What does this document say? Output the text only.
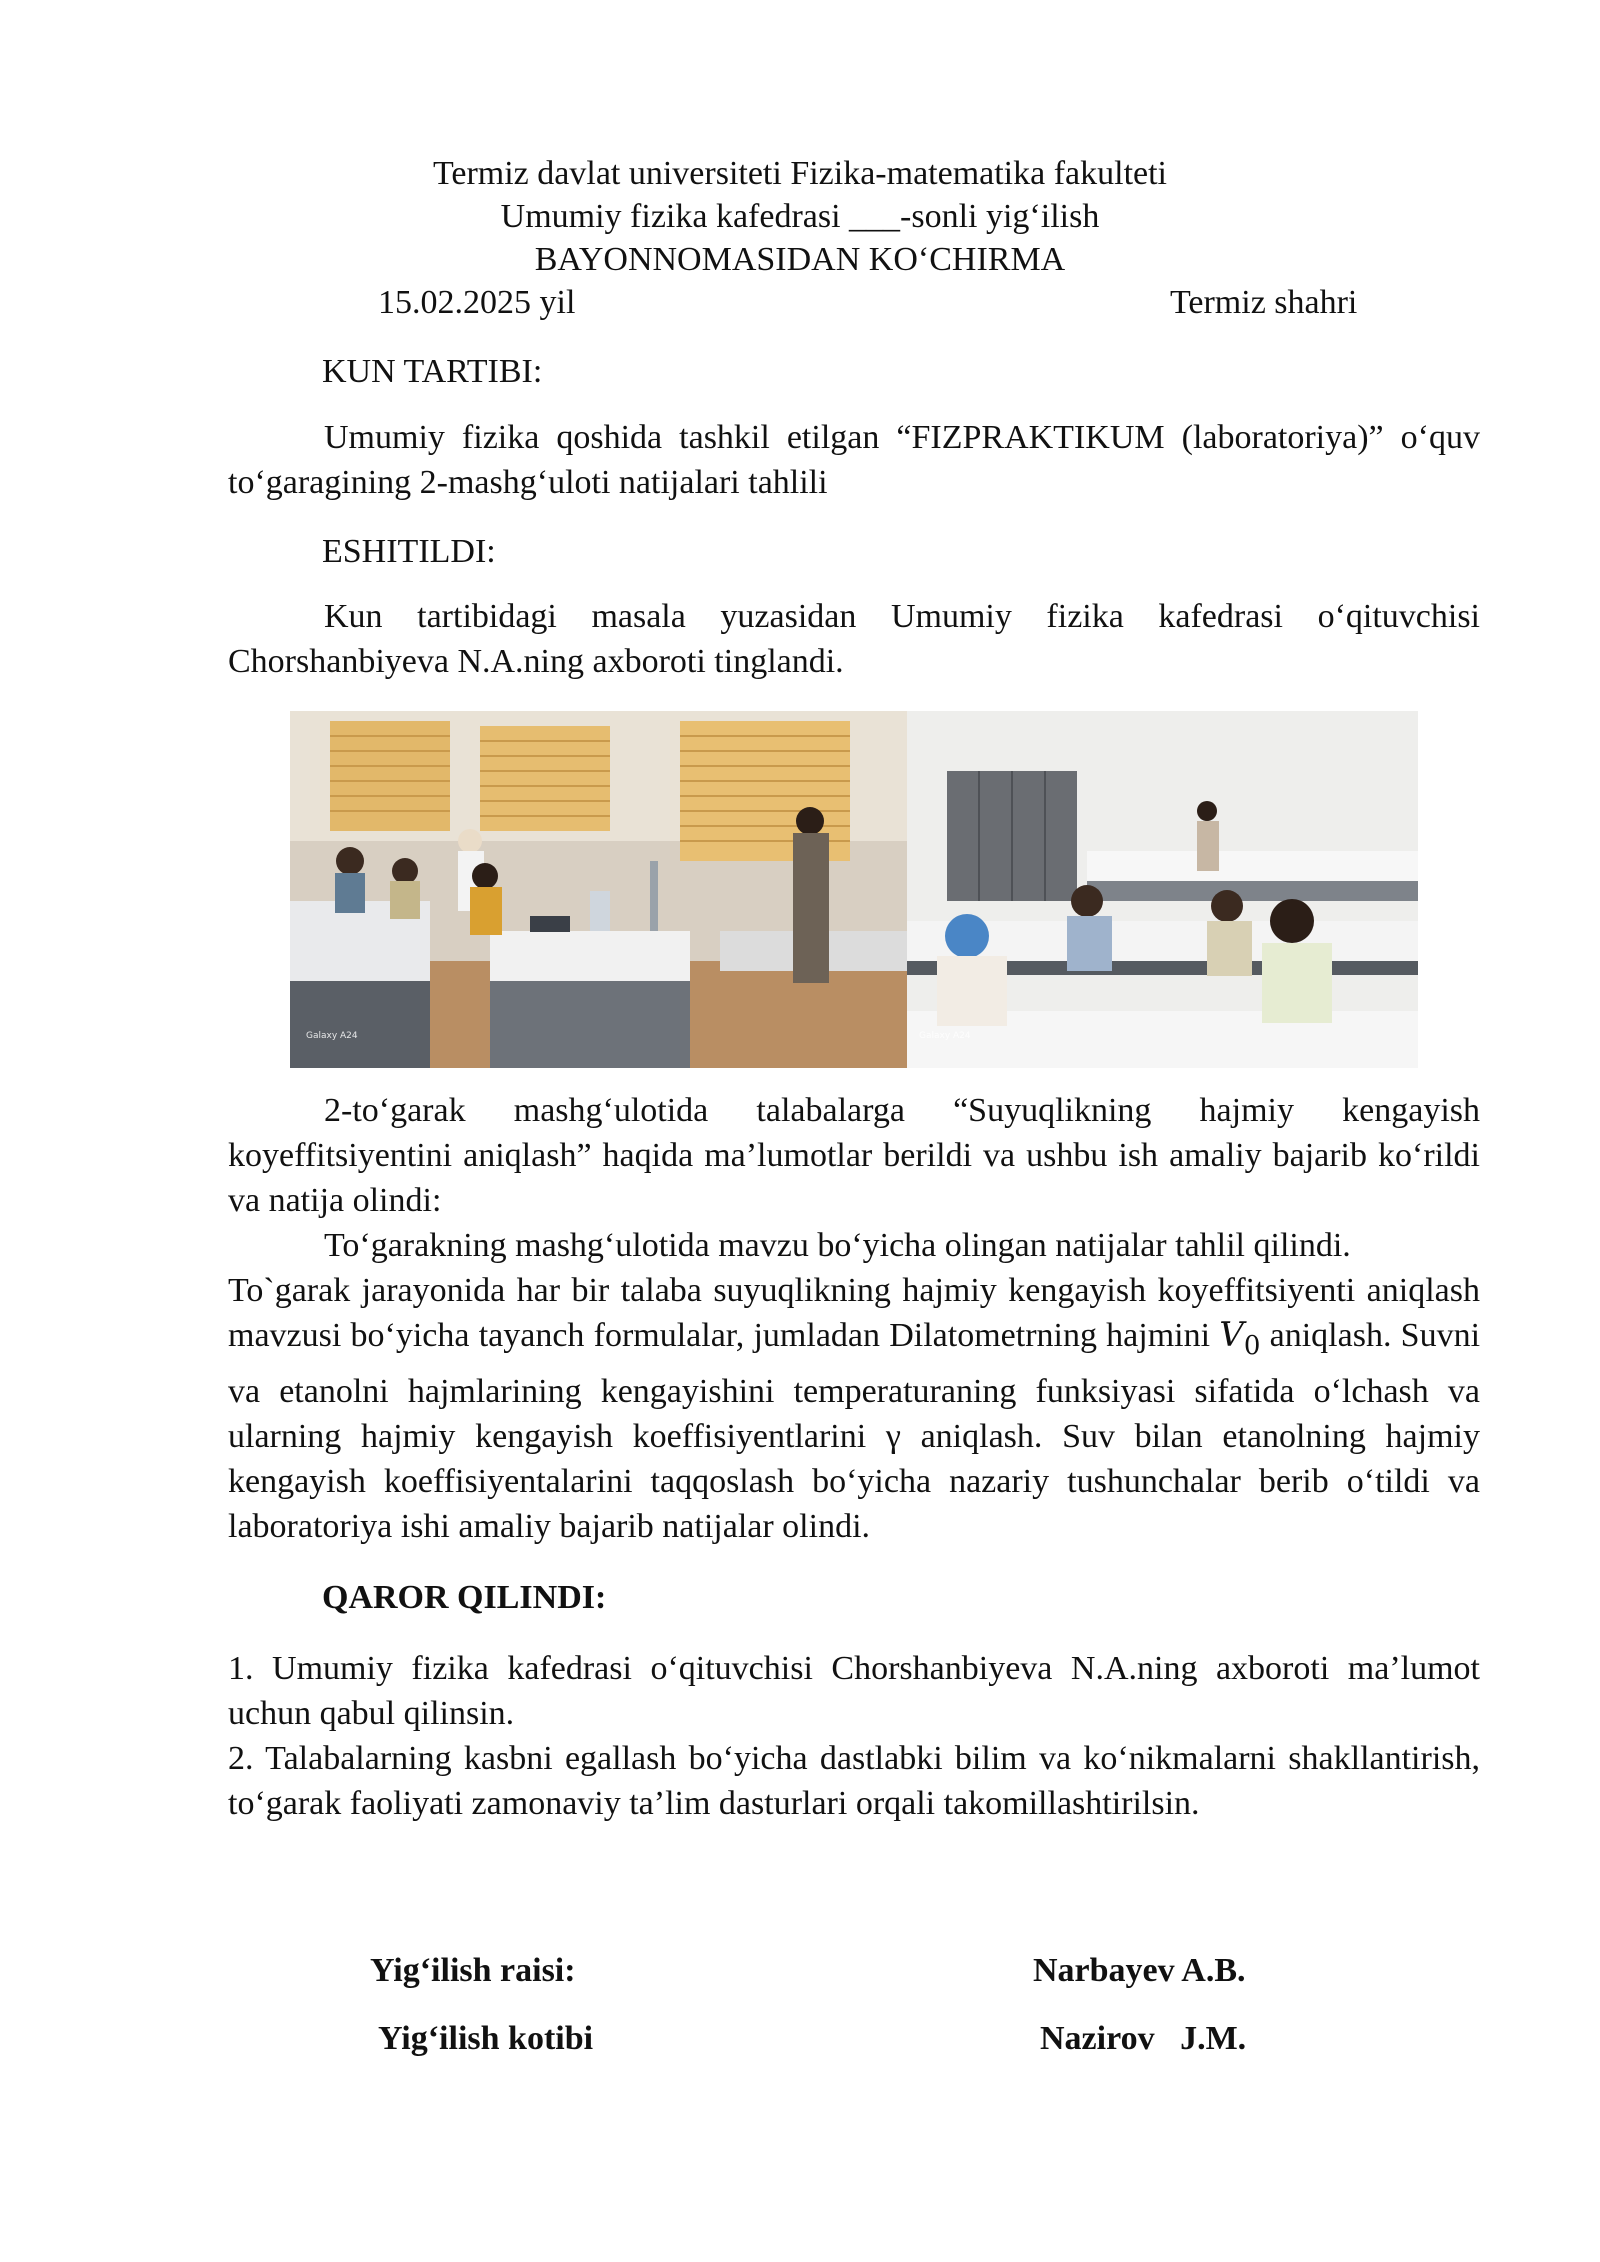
Termiz davlat universiteti Fizika-matematika fakulteti
Umumiy fizika kafedrasi ___-sonli yig‘ilish
BAYONNOMASIDAN KO‘CHIRMA
15.02.2025 yil	Termiz shahri
KUN TARTIBI:

Umumiy fizika qoshida tashkil etilgan “FIZPRAKTIKUM (laboratoriya)” o‘quv to‘garagining 2-mashg‘uloti natijalari tahlili

ESHITILDI:

Kun tartibidagi masala yuzasidan Umumiy fizika kafedrasi o‘qituvchisi Chorshanbiyeva N.A.ning axboroti tinglandi.

Galaxy A24	Galaxy A24

2-to‘garak mashg‘ulotida talabalarga “Suyuqlikning hajmiy kengayish koyeffitsiyentini aniqlash” haqida ma’lumotlar berildi va ushbu ish amaliy bajarib ko‘rildi va natija olindi:

To‘garakning mashg‘ulotida mavzu bo‘yicha olingan natijalar tahlil qilindi.

To`garak jarayonida har bir talaba suyuqlikning hajmiy kengayish koyeffitsiyenti aniqlash mavzusi bo‘yicha tayanch formulalar, jumladan Dilatometrning hajmini $V_0$ aniqlash. Suvni va etanolni hajmlarining kengayishini temperaturaning funksiyasi sifatida o‘lchash va ularning hajmiy kengayish koeffisiyentlarini γ aniqlash. Suv bilan etanolning hajmiy kengayish koeffisiyentalarini taqqoslash bo‘yicha nazariy tushunchalar berib o‘tildi va laboratoriya ishi amaliy bajarib natijalar olindi.

QAROR QILINDI:

1. Umumiy fizika kafedrasi o‘qituvchisi Chorshanbiyeva N.A.ning axboroti ma’lumot uchun qabul qilinsin.

2. Talabalarning kasbni egallash bo‘yicha dastlabki bilim va ko‘nikmalarni shakllantirish, to‘garak faoliyati zamonaviy ta’lim dasturlari orqali takomillashtirilsin.

Yig‘ilish raisi:	Narbayev A.B.
Yig‘ilish kotibi	Nazirov   J.M.
